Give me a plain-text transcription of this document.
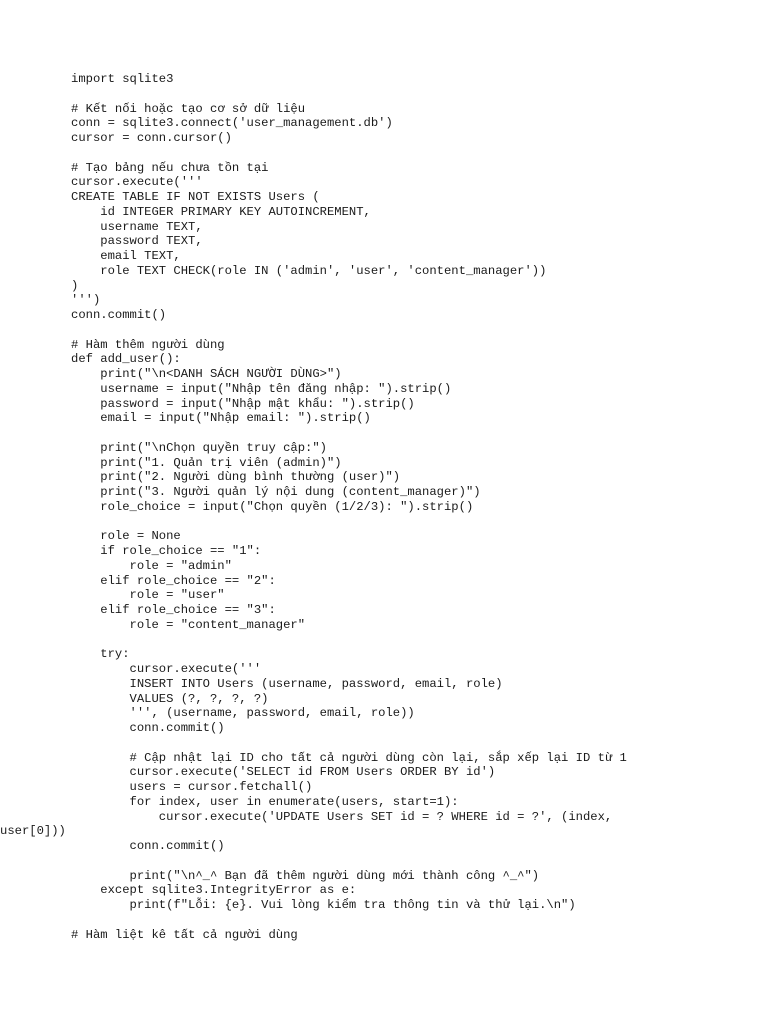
import sqlite3
# Kết nối hoặc tạo cơ sở dữ liệu
conn = sqlite3.connect('user_management.db')
cursor = conn.cursor()
# Tạo bảng nếu chưa tồn tại
cursor.execute('''
CREATE TABLE IF NOT EXISTS Users (
id INTEGER PRIMARY KEY AUTOINCREMENT,
username TEXT,
password TEXT,
email TEXT,
role TEXT CHECK(role IN ('admin', 'user', 'content_manager'))
)
''')
conn.commit()
# Hàm thêm người dùng
def add_user():
print("\n<DANH SÁCH NGƯỜI DÙNG>")
username = input("Nhập tên đăng nhập: ").strip()
password = input("Nhập mật khẩu: ").strip()
email = input("Nhập email: ").strip()
print("\nChọn quyền truy cập:")
print("1. Quản trị viên (admin)")
print("2. Người dùng bình thường (user)")
print("3. Người quản lý nội dung (content_manager)")
role_choice = input("Chọn quyền (1/2/3): ").strip()
role = None
if role_choice == "1":
role = "admin"
elif role_choice == "2":
role = "user"
elif role_choice == "3":
role = "content_manager"
try:
cursor.execute('''
INSERT INTO Users (username, password, email, role)
VALUES (?, ?, ?, ?)
''', (username, password, email, role))
conn.commit()
# Cập nhật lại ID cho tất cả người dùng còn lại, sắp xếp lại ID từ 1
cursor.execute('SELECT id FROM Users ORDER BY id')
users = cursor.fetchall()
for index, user in enumerate(users, start=1):
cursor.execute('UPDATE Users SET id = ? WHERE id = ?', (index,
user[0]))
conn.commit()
print("\n^_^ Bạn đã thêm người dùng mới thành công ^_^")
except sqlite3.IntegrityError as e:
print(f"Lỗi: {e}. Vui lòng kiểm tra thông tin và thử lại.\n")
# Hàm liệt kê tất cả người dùng
